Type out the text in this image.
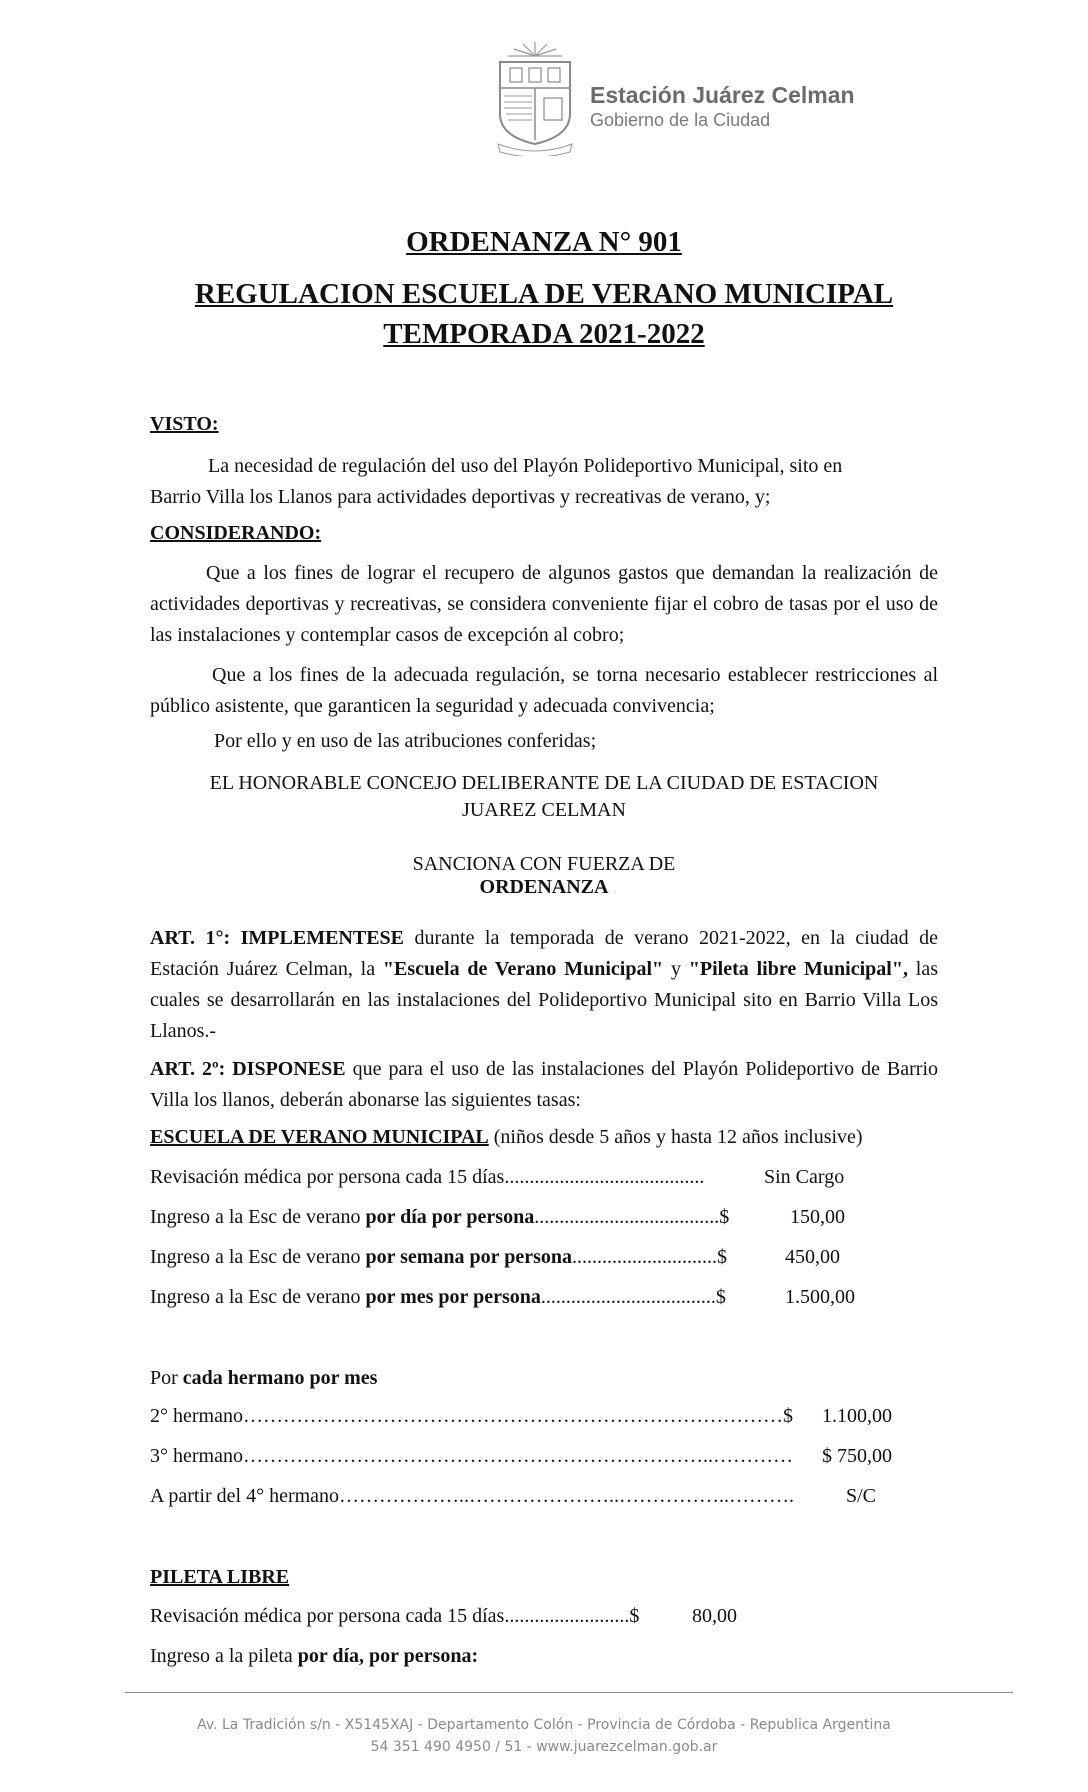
Estación Juárez Celman
Gobierno de la Ciudad
ORDENANZA N° 901
REGULACION ESCUELA DE VERANO MUNICIPAL
TEMPORADA 2021-2022
VISTO:
La necesidad de regulación del uso del Playón Polideportivo Municipal, sito en
Barrio Villa los Llanos para actividades deportivas y recreativas de verano, y;
CONSIDERANDO:
Que a los fines de lograr el recupero de algunos gastos que demandan la realización de actividades deportivas y recreativas, se considera conveniente fijar el cobro de tasas por el uso de las instalaciones y contemplar casos de excepción al cobro;
Que a los fines de la adecuada regulación, se torna necesario establecer restricciones al público asistente, que garanticen la seguridad y adecuada convivencia;
Por ello y en uso de las atribuciones conferidas;
EL HONORABLE CONCEJO DELIBERANTE DE LA CIUDAD DE ESTACION
JUAREZ CELMAN
SANCIONA CON FUERZA DE
ORDENANZA
ART. 1°: IMPLEMENTESE durante la temporada de verano 2021-2022, en la ciudad de Estación Juárez Celman, la "Escuela de Verano Municipal" y "Pileta libre Municipal", las cuales se desarrollarán en las instalaciones del Polideportivo Municipal sito en Barrio Villa Los Llanos.-
ART. 2º: DISPONESE que para el uso de las instalaciones del Playón Polideportivo de Barrio Villa los llanos, deberán abonarse las siguientes tasas:
ESCUELA DE VERANO MUNICIPAL (niños desde 5 años y hasta 12 años inclusive)
Revisación médica por persona cada 15 días........................................	Sin Cargo
Ingreso a la Esc de verano por día por persona.....................................$	150,00
Ingreso a la Esc de verano por semana por persona.............................$	450,00
Ingreso a la Esc de verano por mes por persona...................................$	1.500,00
Por cada hermano por mes
2° hermano………………………………………………………………………$ 1.100,00
3° hermano……………………………………………………………..………… $ 750,00
A partir del 4° hermano………………..…………………..……………..……….	S/C
PILETA LIBRE
Revisación médica por persona cada 15 días.........................$	80,00
Ingreso a la pileta por día, por persona:
Av. La Tradición s/n - X5145XAJ - Departamento Colón - Provincia de Córdoba - Republica Argentina
54 351 490 4950 / 51 - www.juarezcelman.gob.ar
